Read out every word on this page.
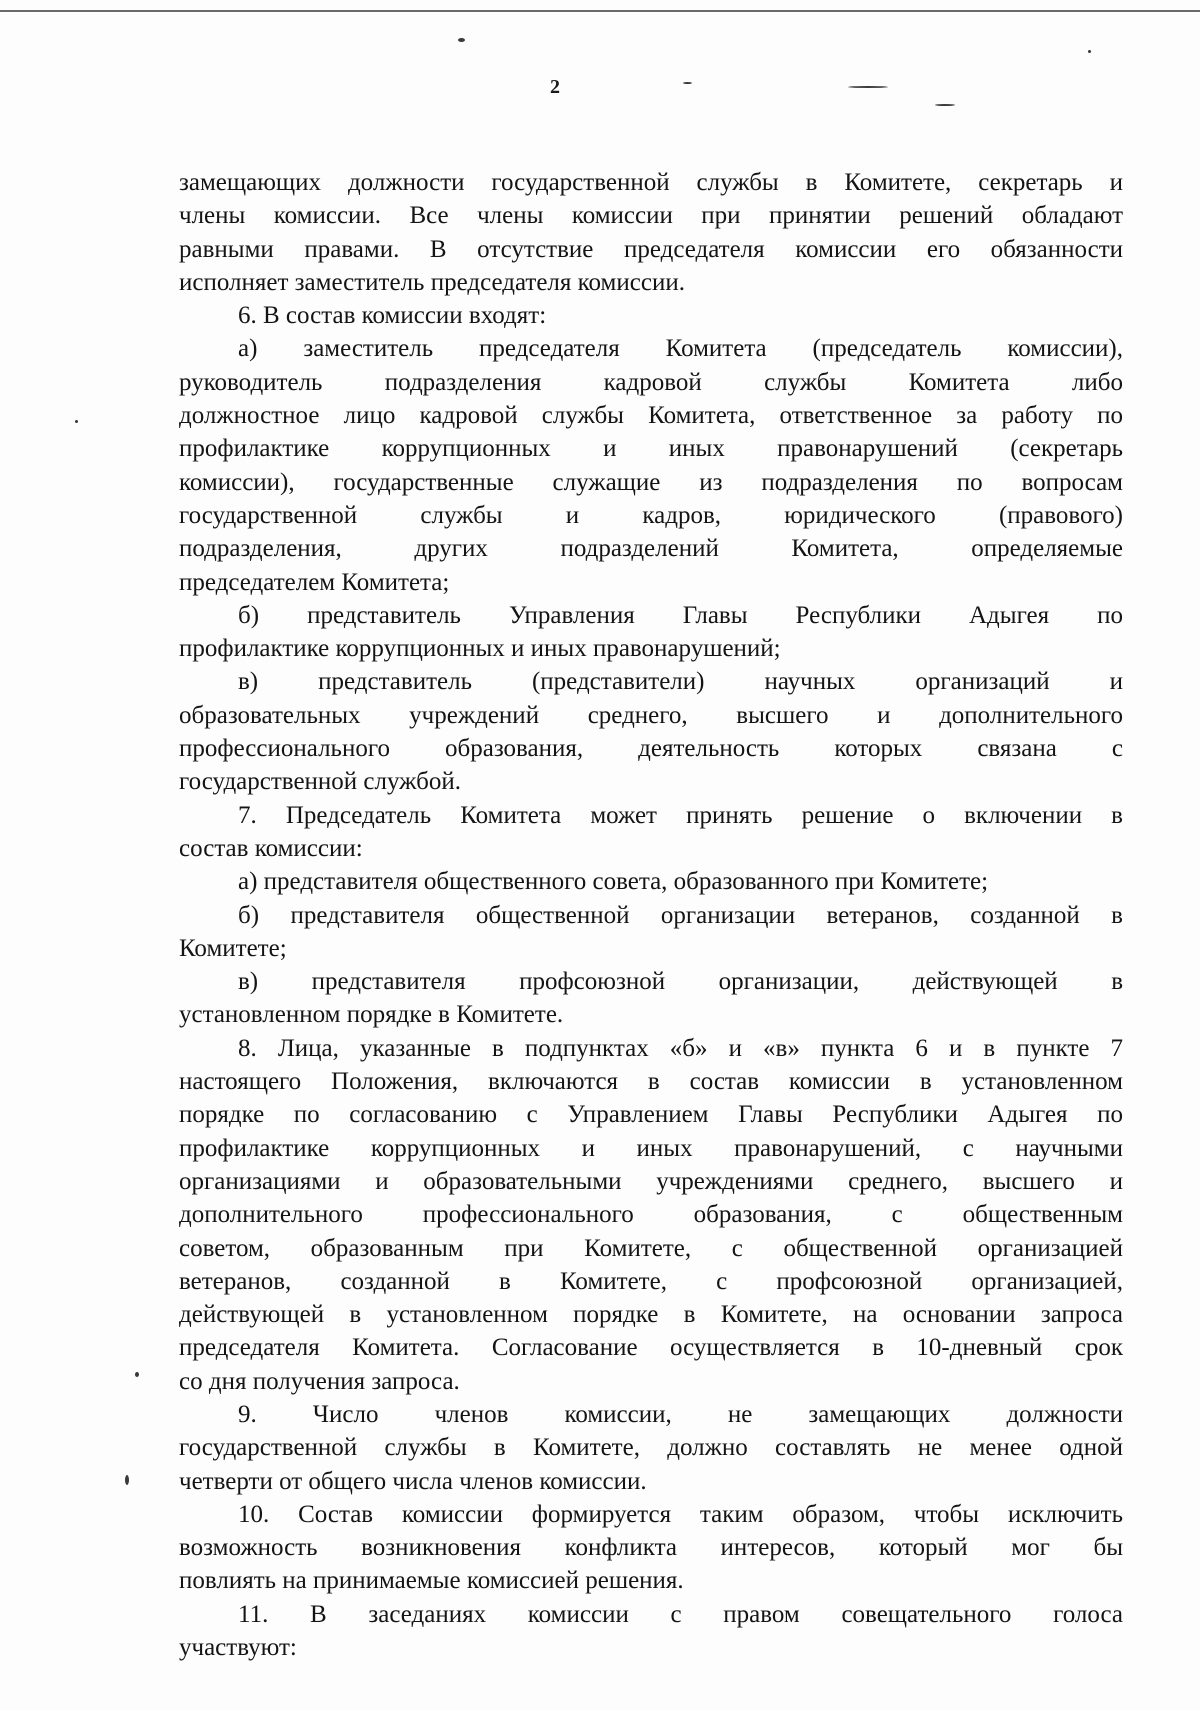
2
замещающих должности государственной службы в Комитете, секретарь и
члены комиссии. Все члены комиссии при принятии решений обладают
равными правами. В отсутствие председателя комиссии его обязанности
исполняет заместитель председателя комиссии.
6. В состав комиссии входят:
а) заместитель председателя Комитета (председатель комиссии),
руководитель подразделения кадровой службы Комитета либо
должностное лицо кадровой службы Комитета, ответственное за работу по
профилактике коррупционных и иных правонарушений (секретарь
комиссии), государственные служащие из подразделения по вопросам
государственной службы и кадров, юридического (правового)
подразделения, других подразделений Комитета, определяемые
председателем Комитета;
б) представитель Управления Главы Республики Адыгея по
профилактике коррупционных и иных правонарушений;
в) представитель (представители) научных организаций и
образовательных учреждений среднего, высшего и дополнительного
профессионального образования, деятельность которых связана с
государственной службой.
7. Председатель Комитета может принять решение о включении в
состав комиссии:
а) представителя общественного совета, образованного при Комитете;
б) представителя общественной организации ветеранов, созданной в
Комитете;
в) представителя профсоюзной организации, действующей в
установленном порядке в Комитете.
8. Лица, указанные в подпунктах «б» и «в» пункта 6 и в пункте 7
настоящего Положения, включаются в состав комиссии в установленном
порядке по согласованию с Управлением Главы Республики Адыгея по
профилактике коррупционных и иных правонарушений, с научными
организациями и образовательными учреждениями среднего, высшего и
дополнительного профессионального образования, с общественным
советом, образованным при Комитете, с общественной организацией
ветеранов, созданной в Комитете, с профсоюзной организацией,
действующей в установленном порядке в Комитете, на основании запроса
председателя Комитета. Согласование осуществляется в 10-дневный срок
со дня получения запроса.
9. Число членов комиссии, не замещающих должности
государственной службы в Комитете, должно составлять не менее одной
четверти от общего числа членов комиссии.
10. Состав комиссии формируется таким образом, чтобы исключить
возможность возникновения конфликта интересов, который мог бы
повлиять на принимаемые комиссией решения.
11. В заседаниях комиссии с правом совещательного голоса
участвуют:
